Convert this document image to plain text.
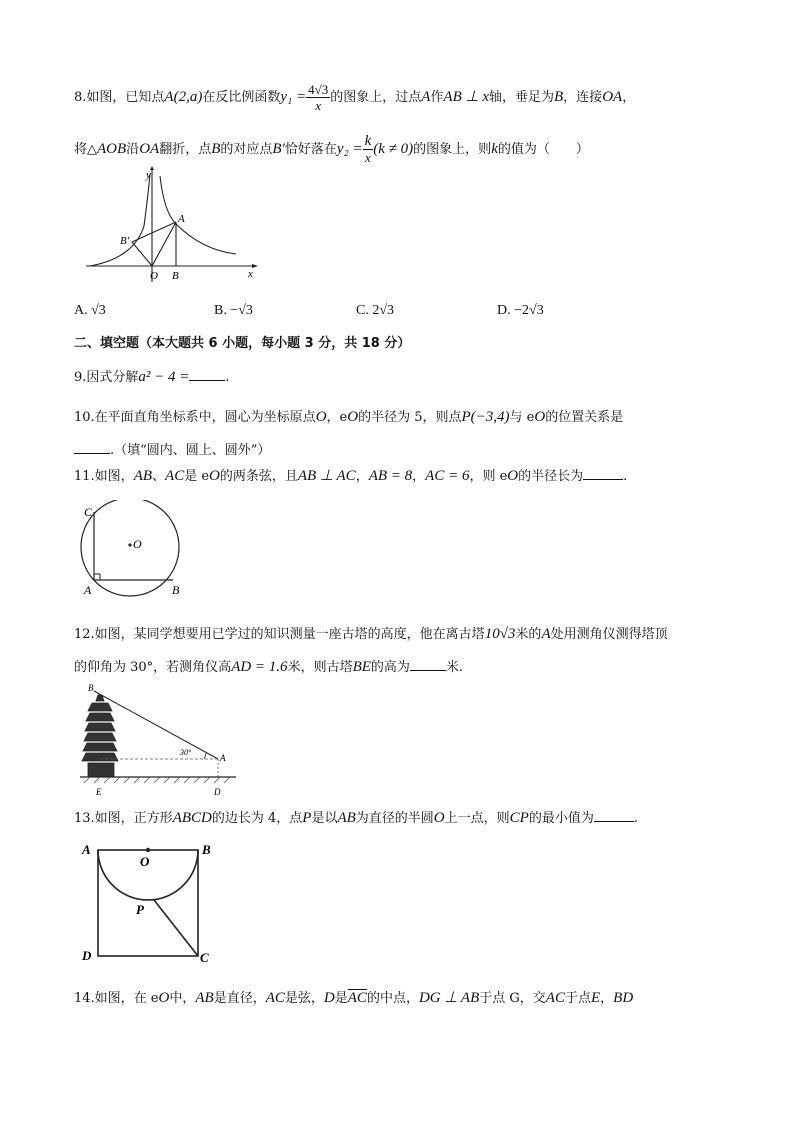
8.如图，已知点A(2,a)在反比例函数$y_1 = \frac{4√3}{x}$ 的图象上，过点A作AB ⊥ x轴，垂足为B，连接OA，
将△AOB沿OA翻折，点B的对应点B′恰好落在$y_2 = \frac{k}{x} (k \ne 0)$的图象上，则k的值为（　　）
y
x
A
B
B′
O
A. √3	B. −√3	C. 2√3	D. −2√3
二、填空题（本大题共 6 小题，每小题 3 分，共 18 分）
9.因式分解a² − 4 =	.
10.在平面直角坐标系中，圆心为坐标原点O，eO的半径为 5，则点P(−3,4)与 eO的位置关系是
.（填“圆内、圆上、圆外”）
11.如图，AB、AC是 eO的两条弦，且AB ⊥ AC，AB = 8，AC = 6，则 eO的半径长为	.
C
O
A	B
12.如图，某同学想要用已学过的知识测量一座古塔的高度，他在离古塔10√3米的A处用测角仪测得塔顶
的仰角为 30°，若测角仪高AD = 1.6米，则古塔BE的高为	米.
B
A
30°
E	D
13.如图，正方形ABCD的边长为 4，点P是以AB为直径的半圆O上一点，则CP的最小值为	.
A
O
B
P
D	C
14.如图，在 eO中，AB是直径，AC是弦，D是$\overline{AC}$的中点，DG ⊥ AB于点 G，交AC于点E，BD
